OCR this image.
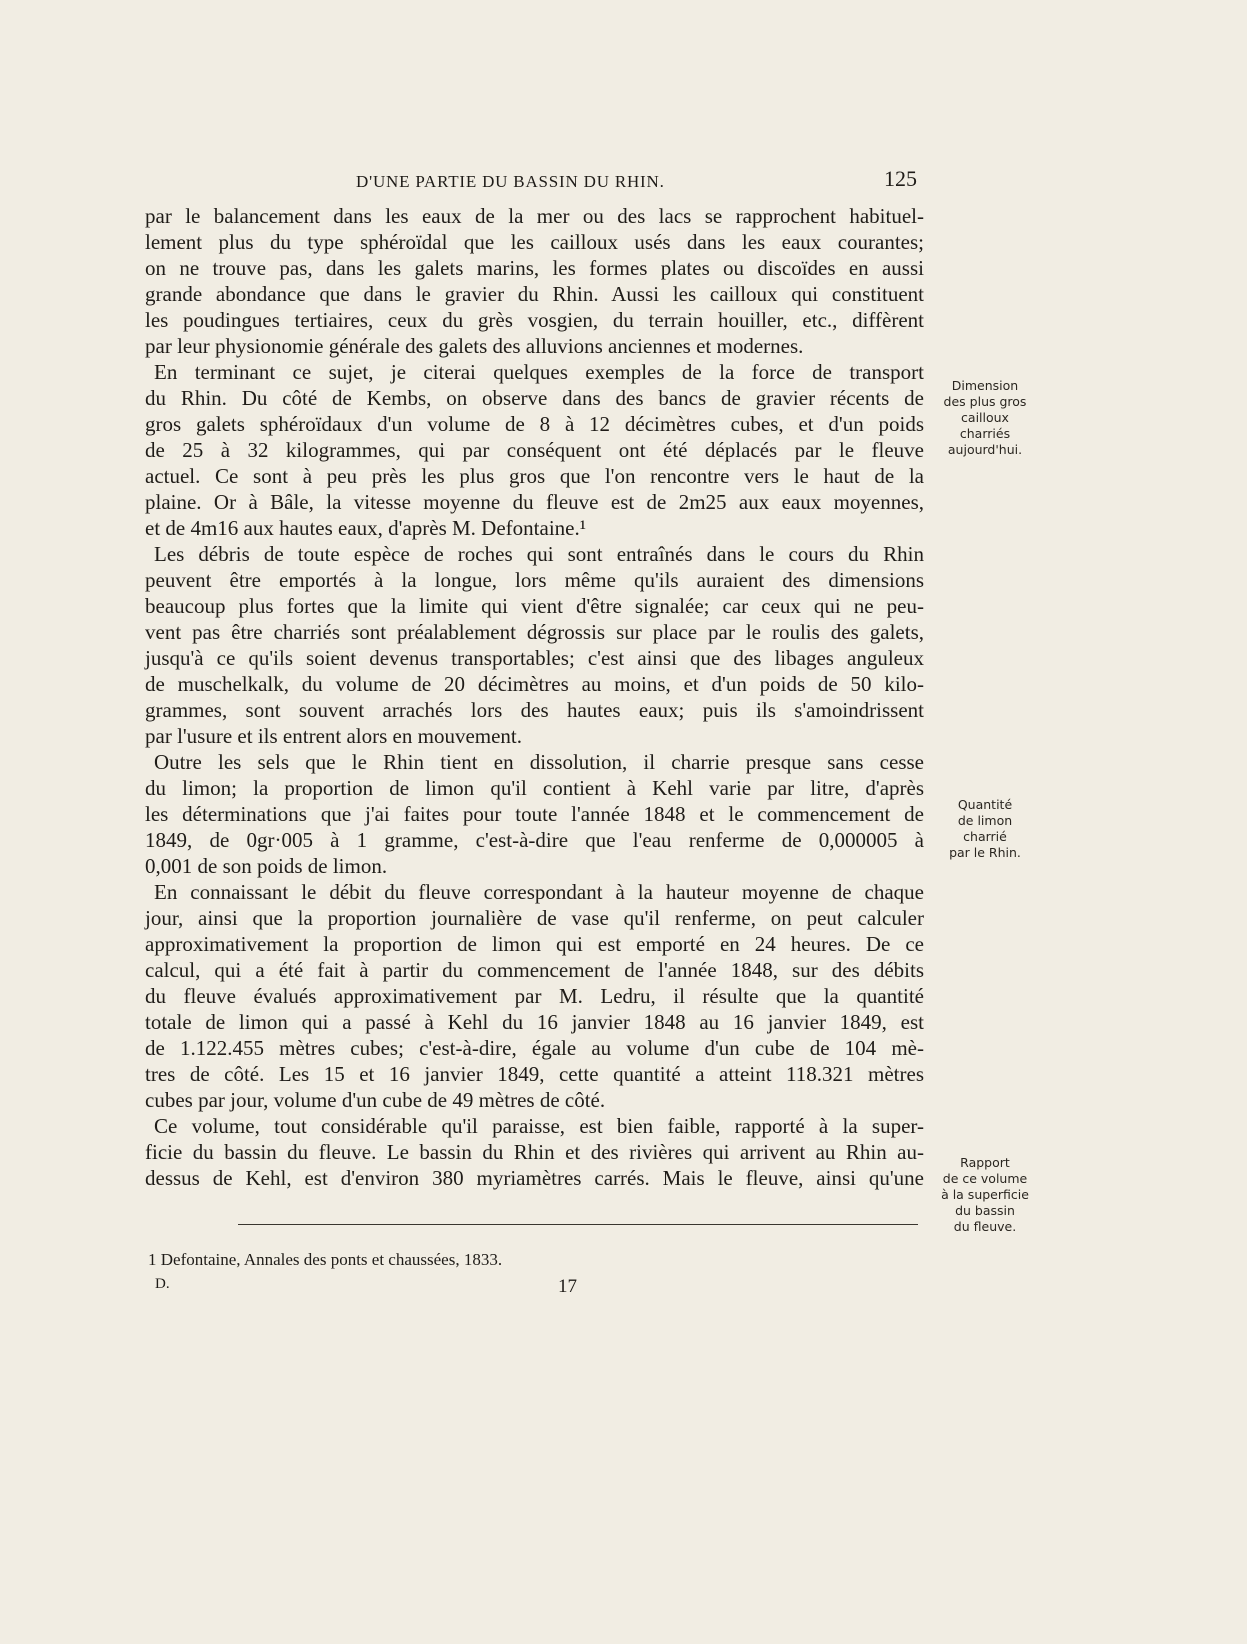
D'UNE PARTIE DU BASSIN DU RHIN.	125

par le balancement dans les eaux de la mer ou des lacs se rapprochent habituel-

lement plus du type sphéroïdal que les cailloux usés dans les eaux courantes;

on ne trouve pas, dans les galets marins, les formes plates ou discoïdes en aussi

grande abondance que dans le gravier du Rhin. Aussi les cailloux qui constituent

les poudingues tertiaires, ceux du grès vosgien, du terrain houiller, etc., diffèrent

par leur physionomie générale des galets des alluvions anciennes et modernes.

En terminant ce sujet, je citerai quelques exemples de la force de transport

du Rhin. Du côté de Kembs, on observe dans des bancs de gravier récents de

gros galets sphéroïdaux d'un volume de 8 à 12 décimètres cubes, et d'un poids

de 25 à 32 kilogrammes, qui par conséquent ont été déplacés par le fleuve

actuel. Ce sont à peu près les plus gros que l'on rencontre vers le haut de la

plaine. Or à Bâle, la vitesse moyenne du fleuve est de 2m25 aux eaux moyennes,

et de 4m16 aux hautes eaux, d'après M. Defontaine.¹

Les débris de toute espèce de roches qui sont entraînés dans le cours du Rhin

peuvent être emportés à la longue, lors même qu'ils auraient des dimensions

beaucoup plus fortes que la limite qui vient d'être signalée; car ceux qui ne peu-

vent pas être charriés sont préalablement dégrossis sur place par le roulis des galets,

jusqu'à ce qu'ils soient devenus transportables; c'est ainsi que des libages anguleux

de muschelkalk, du volume de 20 décimètres au moins, et d'un poids de 50 kilo-

grammes, sont souvent arrachés lors des hautes eaux; puis ils s'amoindrissent

par l'usure et ils entrent alors en mouvement.

Outre les sels que le Rhin tient en dissolution, il charrie presque sans cesse

du limon; la proportion de limon qu'il contient à Kehl varie par litre, d'après

les déterminations que j'ai faites pour toute l'année 1848 et le commencement de

1849, de 0gr·005 à 1 gramme, c'est-à-dire que l'eau renferme de 0,000005 à

0,001 de son poids de limon.

En connaissant le débit du fleuve correspondant à la hauteur moyenne de chaque

jour, ainsi que la proportion journalière de vase qu'il renferme, on peut calculer

approximativement la proportion de limon qui est emporté en 24 heures. De ce

calcul, qui a été fait à partir du commencement de l'année 1848, sur des débits

du fleuve évalués approximativement par M. Ledru, il résulte que la quantité

totale de limon qui a passé à Kehl du 16 janvier 1848 au 16 janvier 1849, est

de 1.122.455 mètres cubes; c'est-à-dire, égale au volume d'un cube de 104 mè-

tres de côté. Les 15 et 16 janvier 1849, cette quantité a atteint 118.321 mètres

cubes par jour, volume d'un cube de 49 mètres de côté.

Ce volume, tout considérable qu'il paraisse, est bien faible, rapporté à la super-

ficie du bassin du fleuve. Le bassin du Rhin et des rivières qui arrivent au Rhin au-

dessus de Kehl, est d'environ 380 myriamètres carrés. Mais le fleuve, ainsi qu'une

Dimension

des plus gros

cailloux

charriés

aujourd'hui.

Quantité

de limon

charrié

par le Rhin.

Rapport

de ce volume

à la superficie

du bassin

du fleuve.

1 Defontaine, Annales des ponts et chaussées, 1833.
D.	17
